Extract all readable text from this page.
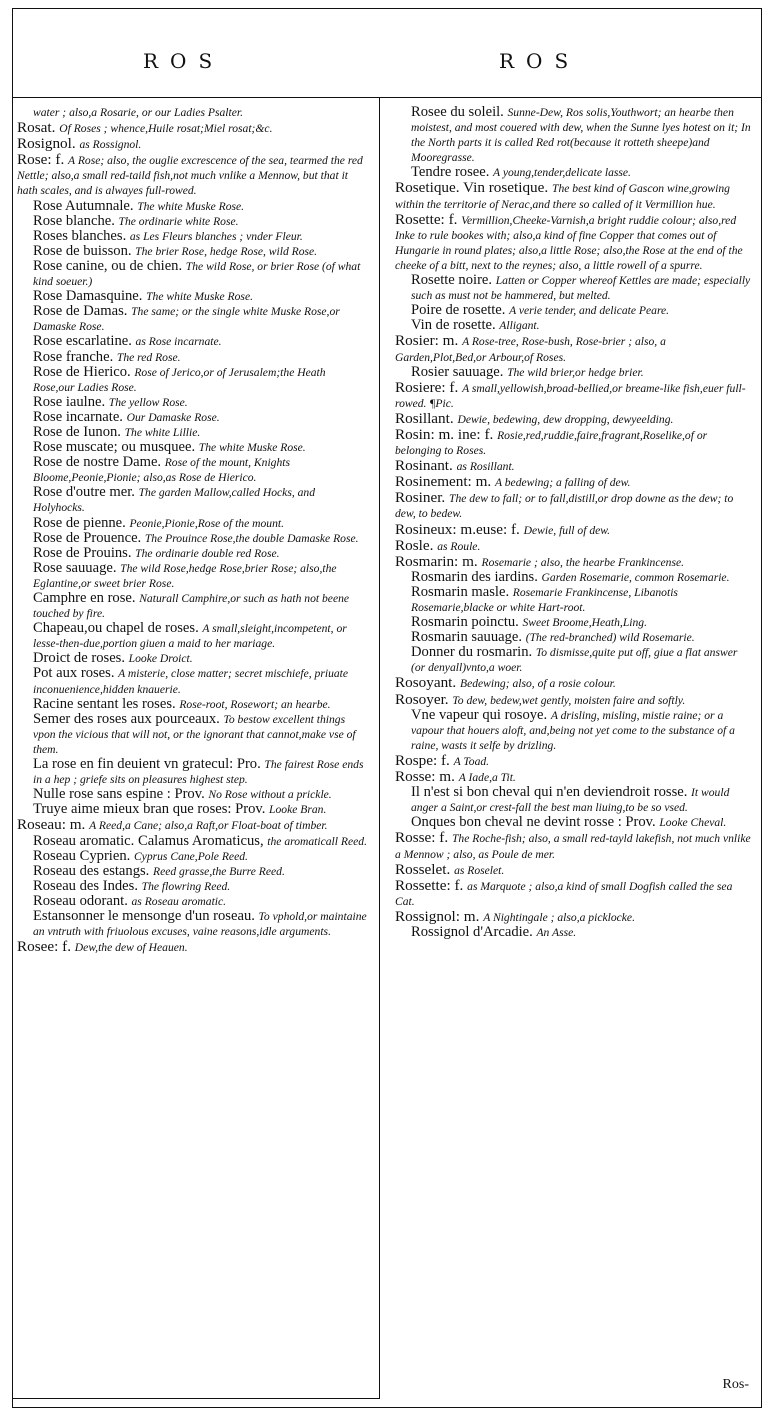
ROS	ROS

water ; also,a Rosarie, or our Ladies Psalter.

Rosat. Of Roses ; whence,Huile rosat;Miel rosat;&c.

Rosignol. as Rossignol.

Rose: f. A Rose; also, the ouglie excrescence of the sea, tearmed the red Nettle; also,a small red-taild fish,not much vnlike a Mennow, but that it hath scales, and is alwayes full-rowed.

Rose Autumnale. The white Muske Rose.

Rose blanche. The ordinarie white Rose.

Roses blanches. as Les Fleurs blanches ; vnder Fleur.

Rose de buisson. The brier Rose, hedge Rose, wild Rose.

Rose canine, ou de chien. The wild Rose, or brier Rose (of what kind soeuer.)

Rose Damasquine. The white Muske Rose.

Rose de Damas. The same; or the single white Muske Rose,or Damaske Rose.

Rose escarlatine. as Rose incarnate.

Rose franche. The red Rose.

Rose de Hierico. Rose of Jerico,or of Jerusalem;the Heath Rose,our Ladies Rose.

Rose iaulne. The yellow Rose.

Rose incarnate. Our Damaske Rose.

Rose de Iunon. The white Lillie.

Rose muscate; ou musquee. The white Muske Rose.

Rose de nostre Dame. Rose of the mount, Knights Bloome,Peonie,Pionie; also,as Rose de Hierico.

Rose d'outre mer. The garden Mallow,called Hocks, and Holyhocks.

Rose de pienne. Peonie,Pionie,Rose of the mount.

Rose de Prouence. The Prouince Rose,the double Damaske Rose.

Rose de Prouins. The ordinarie double red Rose.

Rose sauuage. The wild Rose,hedge Rose,brier Rose; also,the Eglantine,or sweet brier Rose.

Camphre en rose. Naturall Camphire,or such as hath not beene touched by fire.

Chapeau,ou chapel de roses. A small,sleight,incompetent, or lesse-then-due,portion giuen a maid to her mariage.

Droict de roses. Looke Droict.

Pot aux roses. A misterie, close matter; secret mischiefe, priuate inconuenience,hidden knauerie.

Racine sentant les roses. Rose-root, Rosewort; an hearbe.

Semer des roses aux pourceaux. To bestow excellent things vpon the vicious that will not, or the ignorant that cannot,make vse of them.

La rose en fin deuient vn gratecul: Pro. The fairest Rose ends in a hep ; griefe sits on pleasures highest step.

Nulle rose sans espine : Prov. No Rose without a prickle.

Truye aime mieux bran que roses: Prov. Looke Bran.

Roseau: m. A Reed,a Cane; also,a Raft,or Float-boat of timber.

Roseau aromatic. Calamus Aromaticus, the aromaticall Reed.

Roseau Cyprien. Cyprus Cane,Pole Reed.

Roseau des estangs. Reed grasse,the Burre Reed.

Roseau des Indes. The flowring Reed.

Roseau odorant. as Roseau aromatic.

Estansonner le mensonge d'un roseau. To vphold,or maintaine an vntruth with friuolous excuses, vaine reasons,idle arguments.

Rosee: f. Dew,the dew of Heauen.

Rosee du soleil. Sunne-Dew, Ros solis,Youthwort; an hearbe then moistest, and most couered with dew, when the Sunne lyes hotest on it; In the North parts it is called Red rot(because it rotteth sheepe)and Mooregrasse.

Tendre rosee. A young,tender,delicate lasse.

Rosetique. Vin rosetique. The best kind of Gascon wine,growing within the territorie of Nerac,and there so called of it Vermillion hue.

Rosette: f. Vermillion,Cheeke-Varnish,a bright ruddie colour; also,red Inke to rule bookes with; also,a kind of fine Copper that comes out of Hungarie in round plates; also,a little Rose; also,the Rose at the end of the cheeke of a bitt, next to the reynes; also, a little rowell of a spurre.

Rosette noire. Latten or Copper whereof Kettles are made; especially such as must not be hammered, but melted.

Poire de rosette. A verie tender, and delicate Peare.

Vin de rosette. Alligant.

Rosier: m. A Rose-tree, Rose-bush, Rose-brier ; also, a Garden,Plot,Bed,or Arbour,of Roses.

Rosier sauuage. The wild brier,or hedge brier.

Rosiere: f. A small,yellowish,broad-bellied,or breame-like fish,euer full-rowed. ¶Pic.

Rosillant. Dewie, bedewing, dew dropping, dewyeelding.

Rosin: m. ine: f. Rosie,red,ruddie,faire,fragrant,Roselike,of or belonging to Roses.

Rosinant. as Rosillant.

Rosinement: m. A bedewing; a falling of dew.

Rosiner. The dew to fall; or to fall,distill,or drop downe as the dew; to dew, to bedew.

Rosineux: m.euse: f. Dewie, full of dew.

Rosle. as Roule.

Rosmarin: m. Rosemarie ; also, the hearbe Frankincense.

Rosmarin des iardins. Garden Rosemarie, common Rosemarie.

Rosmarin masle. Rosemarie Frankincense, Libanotis Rosemarie,blacke or white Hart-root.

Rosmarin poinctu. Sweet Broome,Heath,Ling.

Rosmarin sauuage. (The red-branched) wild Rosemarie.

Donner du rosmarin. To dismisse,quite put off, giue a flat answer (or denyall)vnto,a woer.

Rosoyant. Bedewing; also, of a rosie colour.

Rosoyer. To dew, bedew,wet gently, moisten faire and softly.

Vne vapeur qui rosoye. A drisling, misling, mistie raine; or a vapour that houers aloft, and,being not yet come to the substance of a raine, wasts it selfe by drizling.

Rospe: f. A Toad.

Rosse: m. A Iade,a Tit.

Il n'est si bon cheval qui n'en deviendroit rosse. It would anger a Saint,or crest-fall the best man liuing,to be so vsed.

Onques bon cheval ne devint rosse : Prov. Looke Cheval.

Rosse: f. The Roche-fish; also, a small red-tayld lakefish, not much vnlike a Mennow ; also, as Poule de mer.

Rosselet. as Roselet.

Rossette: f. as Marquote ; also,a kind of small Dogfish called the sea Cat.

Rossignol: m. A Nightingale ; also,a picklocke.

Rossignol d'Arcadie. An Asse.

Ros-
